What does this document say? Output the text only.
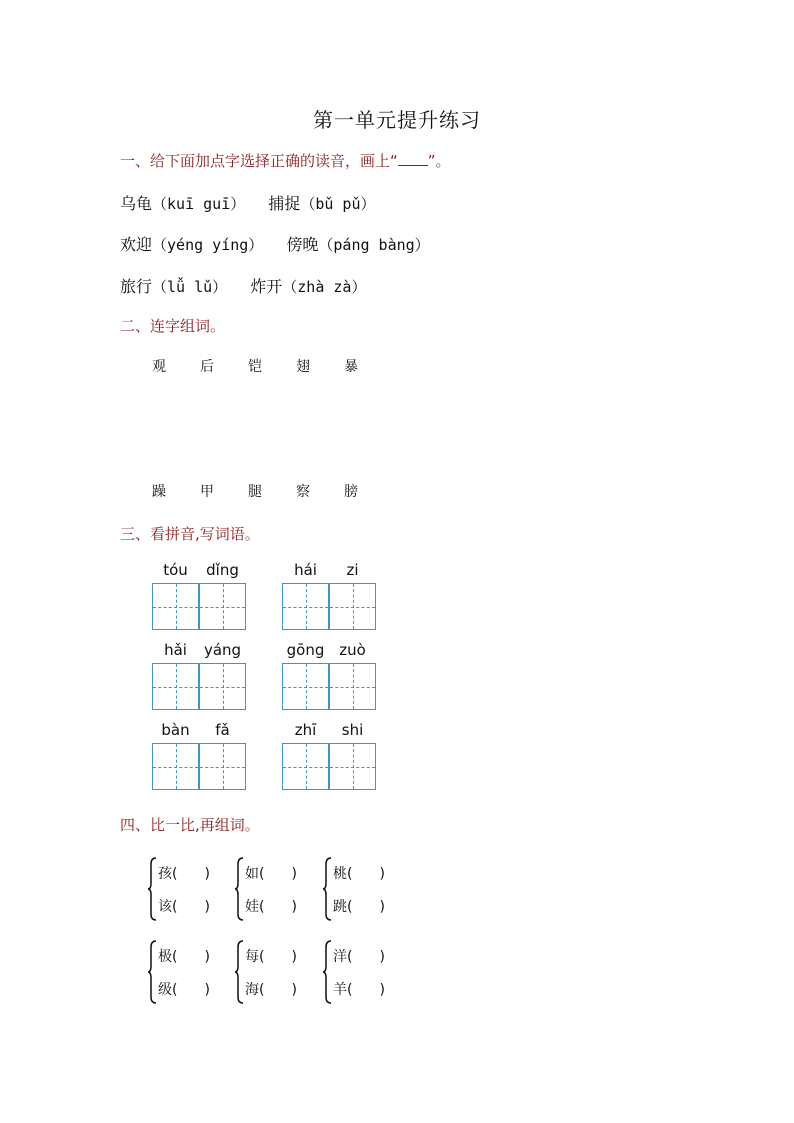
第一单元提升练习
一、给下面加点字选择正确的读音，画上“ ”。
乌龟（kuī guī） 捕捉（bǔ pǔ）
欢迎（yéng yíng） 傍晚（páng bàng）
旅行（lǚ lǔ） 炸开（zhà zà）
二、连字组词。
观 后 铠 翅 暴
躁 甲 腿 察 膀
三、看拼音,写词语。
tóu	dǐng	hái	zi
hǎi	yáng	gōng zuò
bàn	fǎ	zhī	shi
四、比一比,再组词。
孩( )
该( )
如( )
娃( )
桃( )
跳( )
极( )
级( )
每( )
海( )
洋( )
羊( )
